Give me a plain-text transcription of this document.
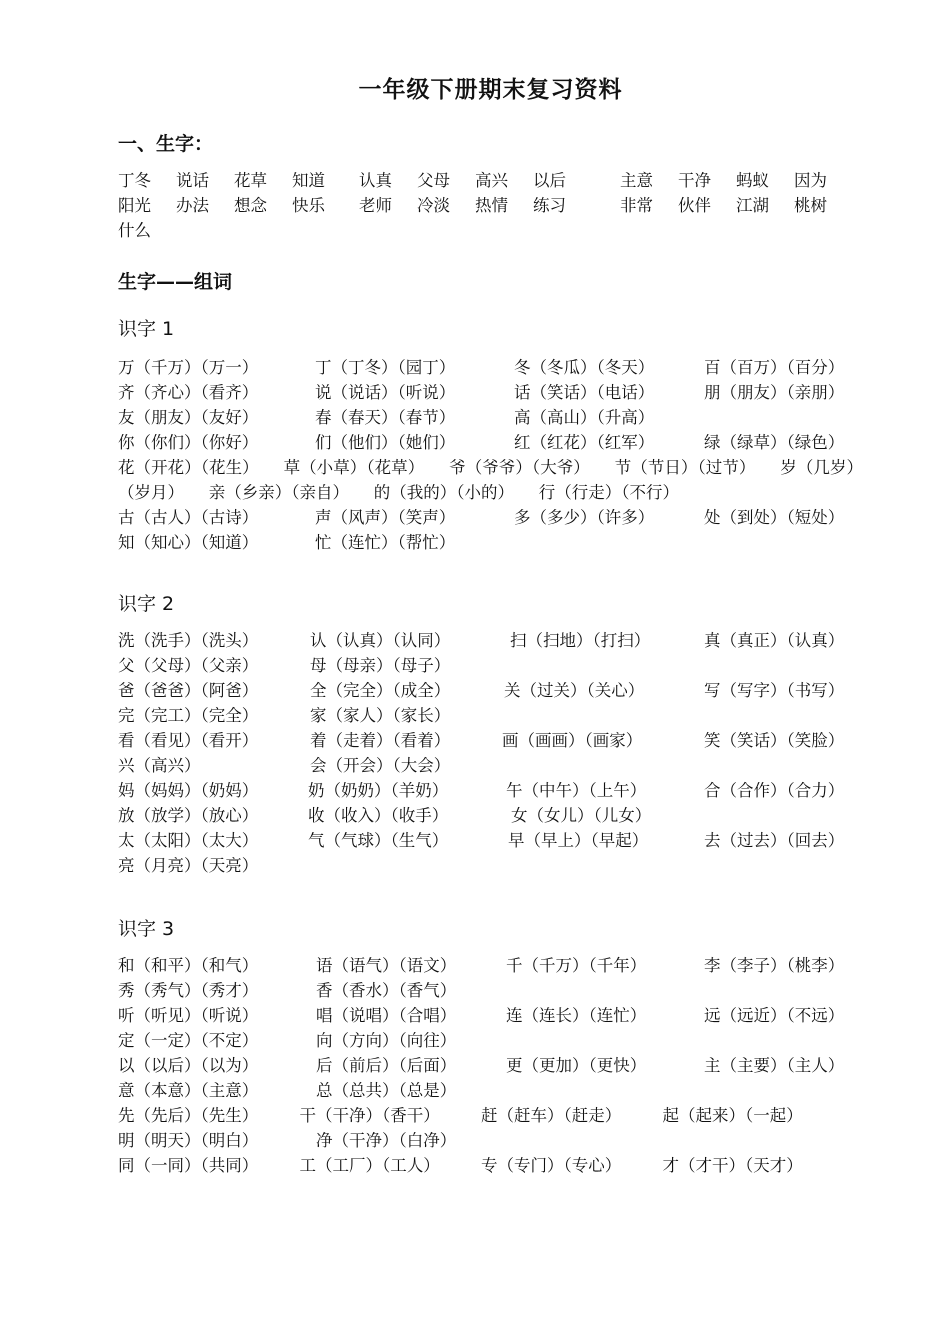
一年级下册期末复习资料
一、生字：
丁冬	说话	花草	知道	认真	父母	高兴	以后	主意	干净	蚂蚁	因为
阳光	办法	想念	快乐	老师	冷淡	热情	练习	非常	伙伴	江湖	桃树
什么
生字——组词
识字 1
万（千万）（万一）	丁（丁冬）（园丁）	冬（冬瓜）（冬天）	百（百万）（百分）
齐（齐心）（看齐）	说（说话）（听说）	话（笑话）（电话）	朋（朋友）（亲朋）
友（朋友）（友好）	春（春天）（春节）	高（高山）（升高）
你（你们）（你好）	们（他们）（她们）	红（红花）（红军）	绿（绿草）（绿色）
花（开花）（花生）　　草（小草）（花草）　　爷（爷爷）（大爷）　　节（节日）（过节）　　岁（几岁）（岁月）　　亲（乡亲）（亲自）　　的（我的）（小的）　　行（行走）（不行）
古（古人）（古诗）	声（风声）（笑声）	多（多少）（许多）	处（到处）（短处）
知（知心）（知道）	忙（连忙）（帮忙）
识字 2
洗（洗手）（洗头）	认（认真）（认同）	扫（扫地）（打扫）	真（真正）（认真）
父（父母）（父亲）	母（母亲）（母子）
爸（爸爸）（阿爸）	全（完全）（成全）	关（过关）（关心）	写（写字）（书写）
完（完工）（完全）	家（家人）（家长）
看（看见）（看开）	着（走着）（看着）	画（画画）（画家）	笑（笑话）（笑脸）
兴（高兴）	会（开会）（大会）
妈（妈妈）（奶妈）	奶（奶奶）（羊奶）	午（中午）（上午）	合（合作）（合力）
放（放学）（放心）	收（收入）（收手）	女（女儿）（儿女）
太（太阳）（太大）	气（气球）（生气）	早（早上）（早起）	去（过去）（回去）
亮（月亮）（天亮）
识字 3
和（和平）（和气）	语（语气）（语文）	千（千万）（千年）	李（李子）（桃李）
秀（秀气）（秀才）	香（香水）（香气）
听（听见）（听说）	唱（说唱）（合唱）	连（连长）（连忙）	远（远近）（不远）
定（一定）（不定）	向（方向）（向往）
以（以后）（以为）	后（前后）（后面）	更（更加）（更快）	主（主要）（主人）
意（本意）（主意）	总（总共）（总是）
先（先后）（先生）　　　干（干净）（香干）　　　赶（赶车）（赶走）　　　起（起来）（一起）
明（明天）（明白）	净（干净）（白净）
同（一同）（共同）　　　工（工厂）（工人）　　　专（专门）（专心）　　　才（才干）（天才）
